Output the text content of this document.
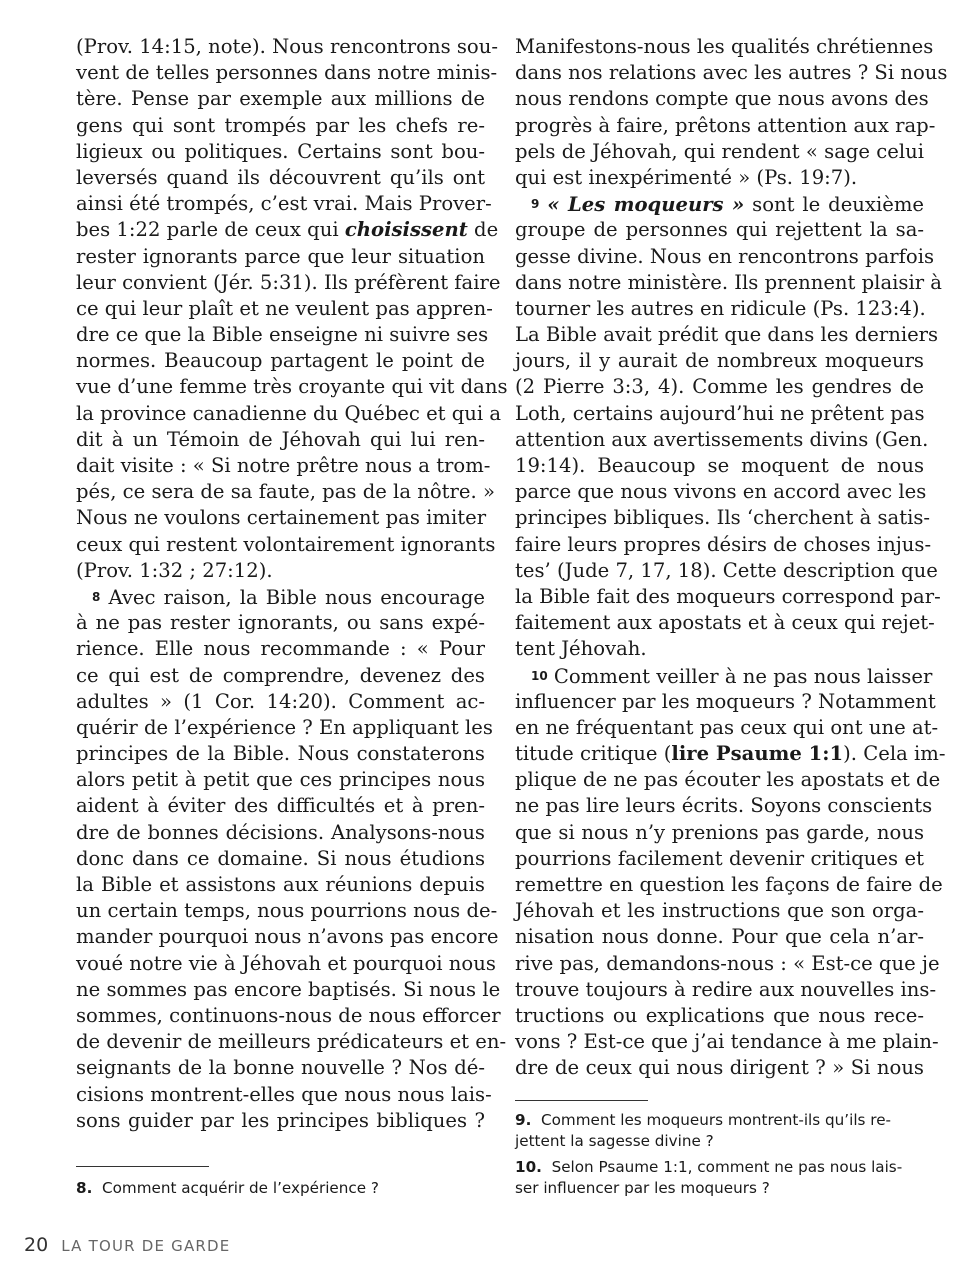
(Prov. 14:15, note). Nous rencontrons sou-
vent de telles personnes dans notre minis-
tère. Pense par exemple aux millions de
gens qui sont trompés par les chefs re-
ligieux ou politiques. Certains sont bou-
leversés quand ils découvrent qu’ils ont
ainsi été trompés, c’est vrai. Mais Prover-
bes 1:22 parle de ceux qui choisissent de
rester ignorants parce que leur situation
leur convient (Jér. 5:31). Ils préfèrent faire
ce qui leur plaît et ne veulent pas appren-
dre ce que la Bible enseigne ni suivre ses
normes. Beaucoup partagent le point de
vue d’une femme très croyante qui vit dans
la province canadienne du Québec et qui a
dit à un Témoin de Jéhovah qui lui ren-
dait visite : « Si notre prêtre nous a trom-
pés, ce sera de sa faute, pas de la nôtre. »
Nous ne voulons certainement pas imiter
ceux qui restent volontairement ignorants
(Prov. 1:32 ; 27:12).
8 Avec raison, la Bible nous encourage
à ne pas rester ignorants, ou sans expé-
rience. Elle nous recommande : « Pour
ce qui est de comprendre, devenez des
adultes » (1 Cor. 14:20). Comment ac-
quérir de l’expérience ? En appliquant les
principes de la Bible. Nous constaterons
alors petit à petit que ces principes nous
aident à éviter des difficultés et à pren-
dre de bonnes décisions. Analysons-nous
donc dans ce domaine. Si nous étudions
la Bible et assistons aux réunions depuis
un certain temps, nous pourrions nous de-
mander pourquoi nous n’avons pas encore
voué notre vie à Jéhovah et pourquoi nous
ne sommes pas encore baptisés. Si nous le
sommes, continuons-nous de nous efforcer
de devenir de meilleurs prédicateurs et en-
seignants de la bonne nouvelle ? Nos dé-
cisions montrent-elles que nous nous lais-
sons guider par les principes bibliques ?
Manifestons-nous les qualités chrétiennes
dans nos relations avec les autres ? Si nous
nous rendons compte que nous avons des
progrès à faire, prêtons attention aux rap-
pels de Jéhovah, qui rendent « sage celui
qui est inexpérimenté » (Ps. 19:7).
9 « Les moqueurs » sont le deuxième
groupe de personnes qui rejettent la sa-
gesse divine. Nous en rencontrons parfois
dans notre ministère. Ils prennent plaisir à
tourner les autres en ridicule (Ps. 123:4).
La Bible avait prédit que dans les derniers
jours, il y aurait de nombreux moqueurs
(2 Pierre 3:3, 4). Comme les gendres de
Loth, certains aujourd’hui ne prêtent pas
attention aux avertissements divins (Gen.
19:14). Beaucoup se moquent de nous
parce que nous vivons en accord avec les
principes bibliques. Ils ‘cherchent à satis-
faire leurs propres désirs de choses injus-
tes’ (Jude 7, 17, 18). Cette description que
la Bible fait des moqueurs correspond par-
faitement aux apostats et à ceux qui rejet-
tent Jéhovah.
10 Comment veiller à ne pas nous laisser
influencer par les moqueurs ? Notamment
en ne fréquentant pas ceux qui ont une at-
titude critique (lire Psaume 1:1). Cela im-
plique de ne pas écouter les apostats et de
ne pas lire leurs écrits. Soyons conscients
que si nous n’y prenions pas garde, nous
pourrions facilement devenir critiques et
remettre en question les façons de faire de
Jéhovah et les instructions que son orga-
nisation nous donne. Pour que cela n’ar-
rive pas, demandons-nous : « Est-ce que je
trouve toujours à redire aux nouvelles ins-
tructions ou explications que nous rece-
vons ? Est-ce que j’ai tendance à me plain-
dre de ceux qui nous dirigent ? » Si nous
8. Comment acquérir de l’expérience ?
9. Comment les moqueurs montrent-ils qu’ils re-
jettent la sagesse divine ?
10. Selon Psaume 1:1, comment ne pas nous lais-
ser influencer par les moqueurs ?
20 LA TOUR DE GARDE
